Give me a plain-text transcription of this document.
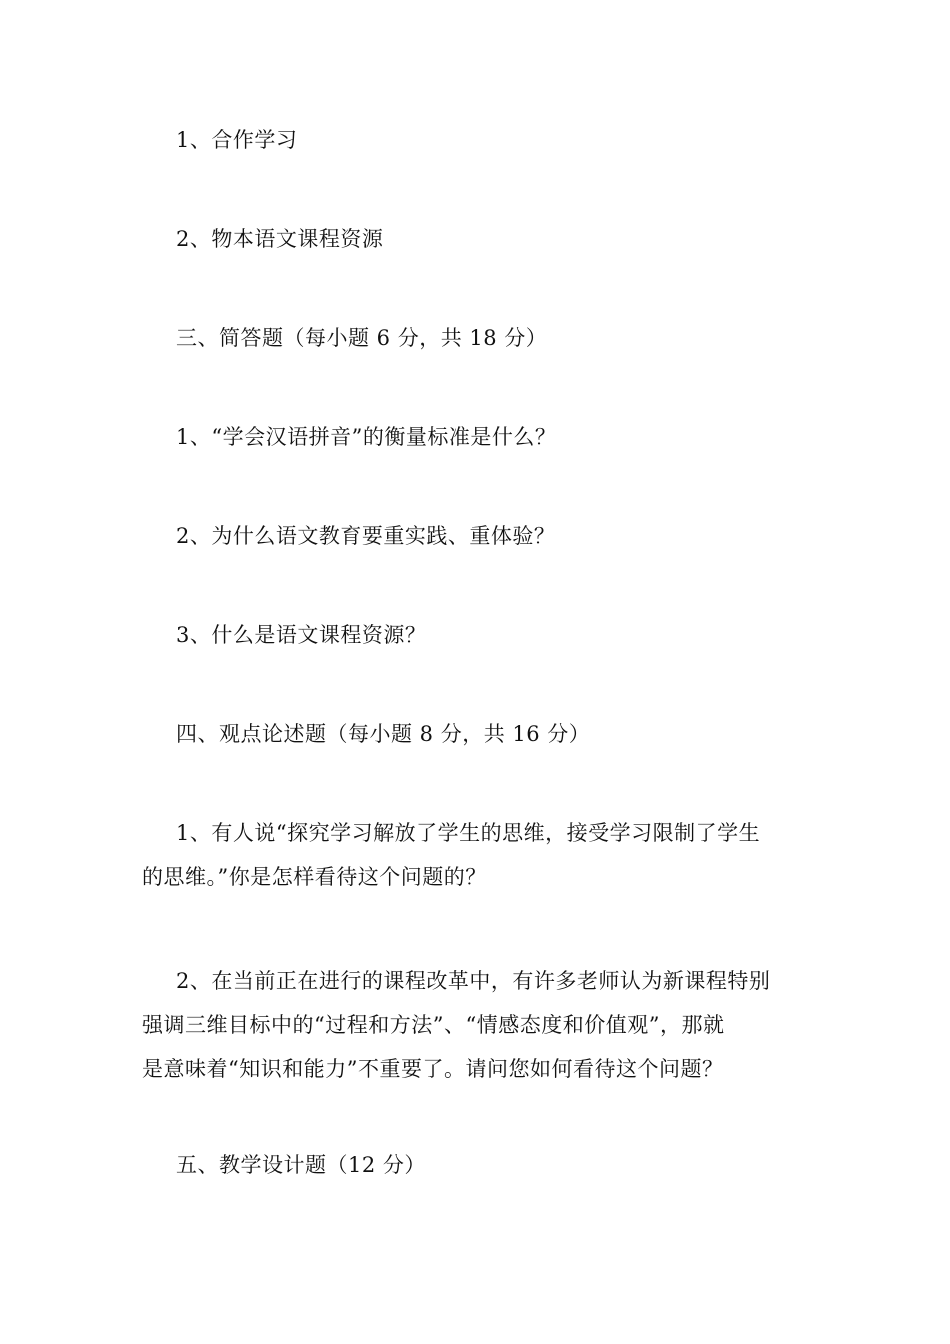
1、合作学习
2、物本语文课程资源
三、简答题（每小题 6 分，共 18 分）
1、“学会汉语拼音”的衡量标准是什么？
2、为什么语文教育要重实践、重体验？
3、什么是语文课程资源？
四、观点论述题（每小题 8 分，共 16 分）
1、有人说“探究学习解放了学生的思维，接受学习限制了学生
的思维。”你是怎样看待这个问题的？
2、在当前正在进行的课程改革中，有许多老师认为新课程特别
强调三维目标中的“过程和方法”、“情感态度和价值观”，那就
是意味着“知识和能力”不重要了。请问您如何看待这个问题？
五、教学设计题（12 分）
